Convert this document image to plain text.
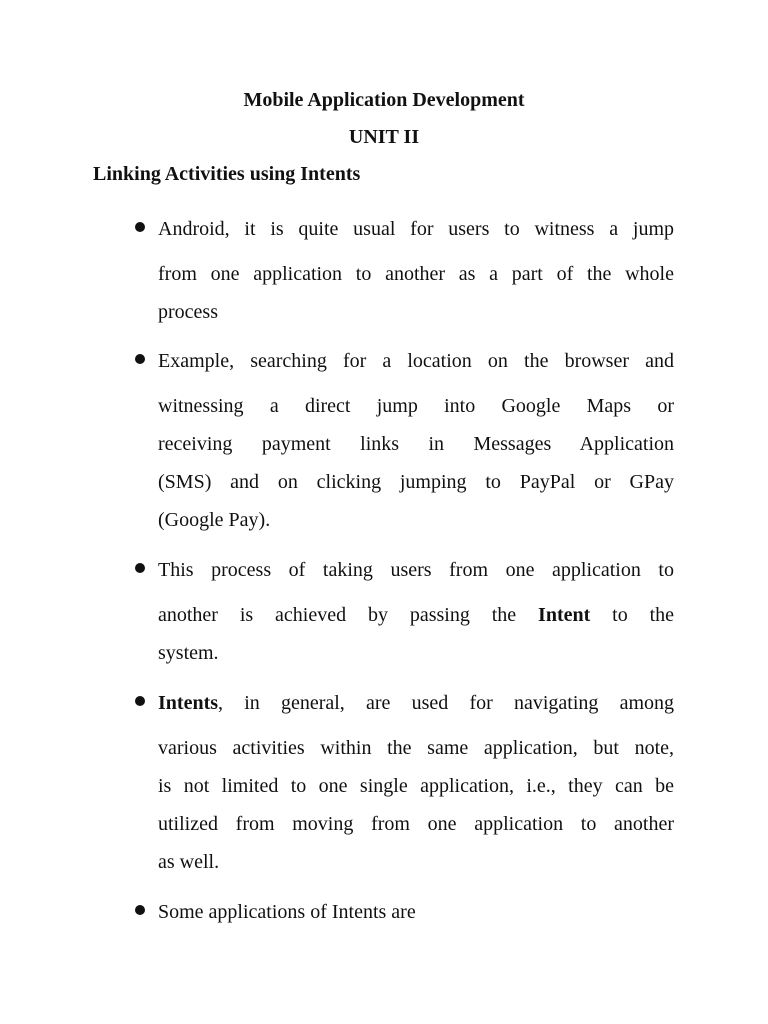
Mobile Application Development
UNIT II
Linking Activities using Intents
Android, it is quite usual for users to witness a jump
from one application to another as a part of the whole
process
Example, searching for a location on the browser and
witnessing a direct jump into Google Maps or
receiving payment links in Messages Application
(SMS) and on clicking jumping to PayPal or GPay
(Google Pay).
This process of taking users from one application to
another is achieved by passing the Intent to the
system.
Intents, in general, are used for navigating among
various activities within the same application, but note,
is not limited to one single application, i.e., they can be
utilized from moving from one application to another
as well.
Some applications of Intents are
